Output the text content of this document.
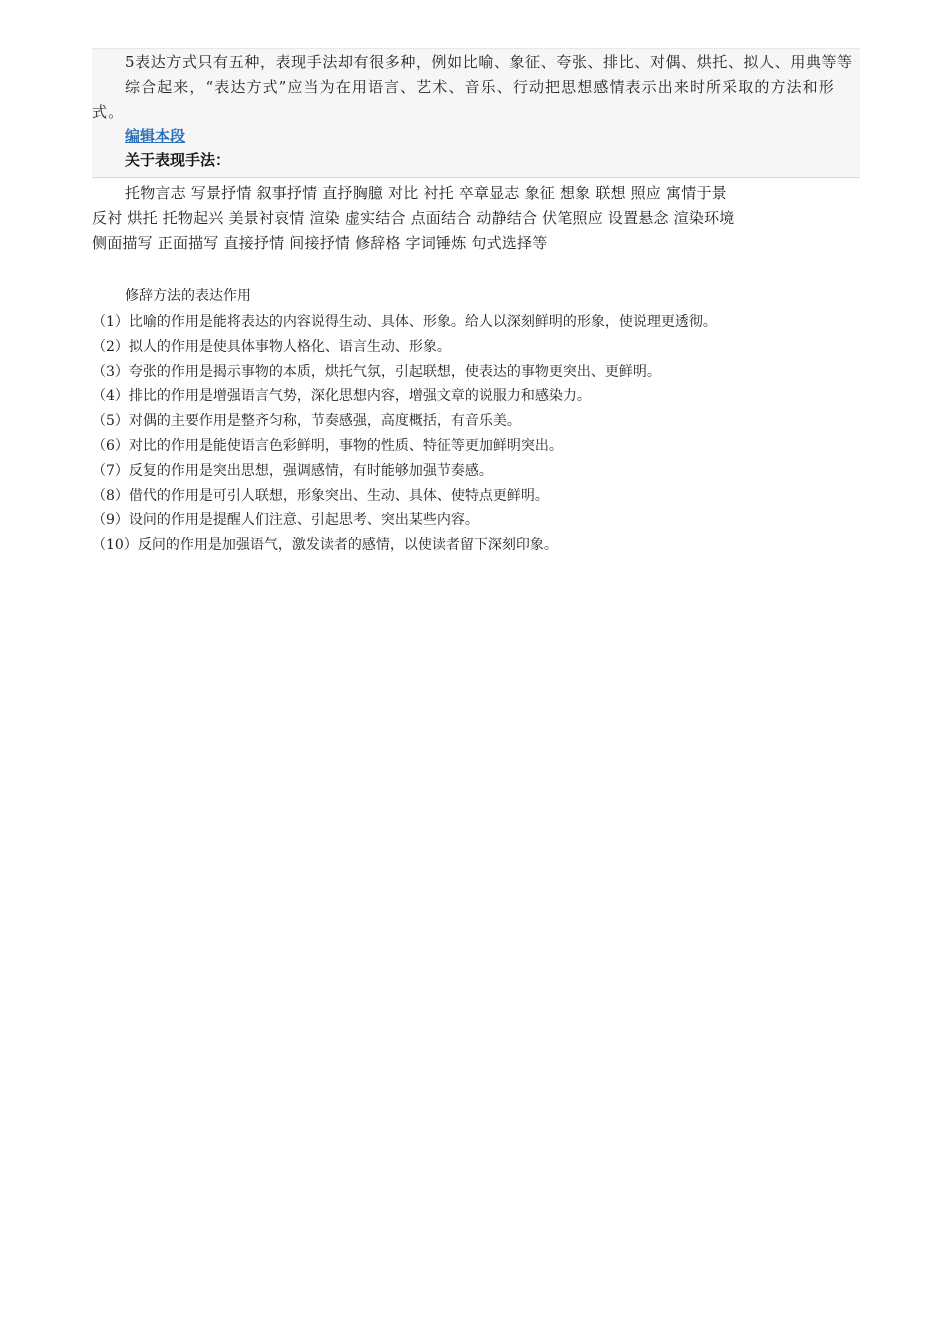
5表达方式只有五种，表现手法却有很多种，例如比喻、象征、夸张、排比、对偶、烘托、拟人、用典等等

综合起来，“表达方式”应当为在用语言、艺术、音乐、行动把思想感情表示出来时所采取的方法和形式。

编辑本段
关于表现手法：
托物言志 写景抒情 叙事抒情 直抒胸臆 对比 衬托 卒章显志 象征 想象 联想 照应 寓情于景
反衬 烘托 托物起兴 美景衬哀情 渲染 虚实结合 点面结合 动静结合 伏笔照应 设置悬念 渲染环境
侧面描写 正面描写 直接抒情 间接抒情 修辞格 字词锤炼 句式选择等
修辞方法的表达作用
（1）比喻的作用是能将表达的内容说得生动、具体、形象。给人以深刻鲜明的形象，使说理更透彻。
（2）拟人的作用是使具体事物人格化、语言生动、形象。
（3）夸张的作用是揭示事物的本质，烘托气氛，引起联想，使表达的事物更突出、更鲜明。
（4）排比的作用是增强语言气势，深化思想内容，增强文章的说服力和感染力。
（5）对偶的主要作用是整齐匀称，节奏感强，高度概括，有音乐美。
（6）对比的作用是能使语言色彩鲜明，事物的性质、特征等更加鲜明突出。
（7）反复的作用是突出思想，强调感情，有时能够加强节奏感。
（8）借代的作用是可引人联想，形象突出、生动、具体、使特点更鲜明。
（9）设问的作用是提醒人们注意、引起思考、突出某些内容。
（10）反问的作用是加强语气，激发读者的感情，以使读者留下深刻印象。
